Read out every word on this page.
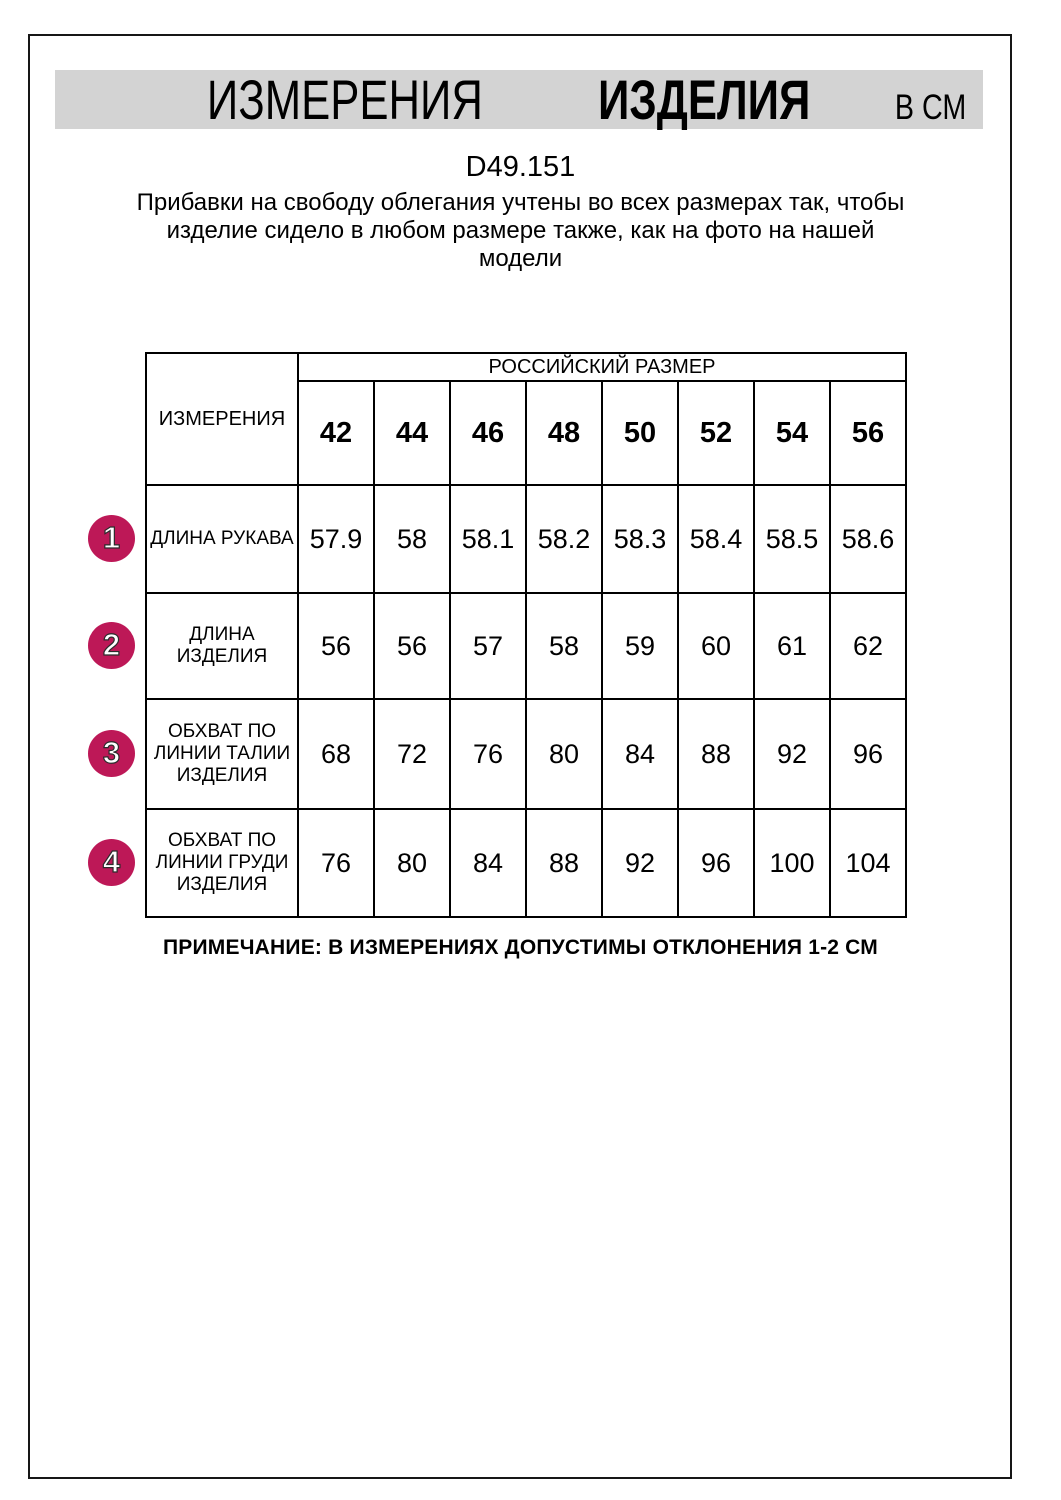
ИЗМЕРЕНИЯ ИЗДЕЛИЯ В СМ
D49.151
Прибавки на свободу облегания учтены во всех размерах так, чтобы
изделие сидело в любом размере также, как на фото на нашей
модели
ИЗМЕРЕНИЯ	РОССИЙСКИЙ РАЗМЕР							
	42	44	46	48	50	52	54	56

ДЛИНА РУКАВА	57.9	58	58.1	58.2	58.3	58.4	58.5	58.6

ДЛИНА
ИЗДЕЛИЯ	56	56	57	58	59	60	61	62

ОБХВАТ ПО
ЛИНИИ ТАЛИИ
ИЗДЕЛИЯ	68	72	76	80	84	88	92	96

ОБХВАТ ПО
ЛИНИИ ГРУДИ
ИЗДЕЛИЯ	76	80	84	88	92	96	100	104
ПРИМЕЧАНИЕ: В ИЗМЕРЕНИЯХ ДОПУСТИМЫ ОТКЛОНЕНИЯ 1-2 СМ
1
2
3
4
